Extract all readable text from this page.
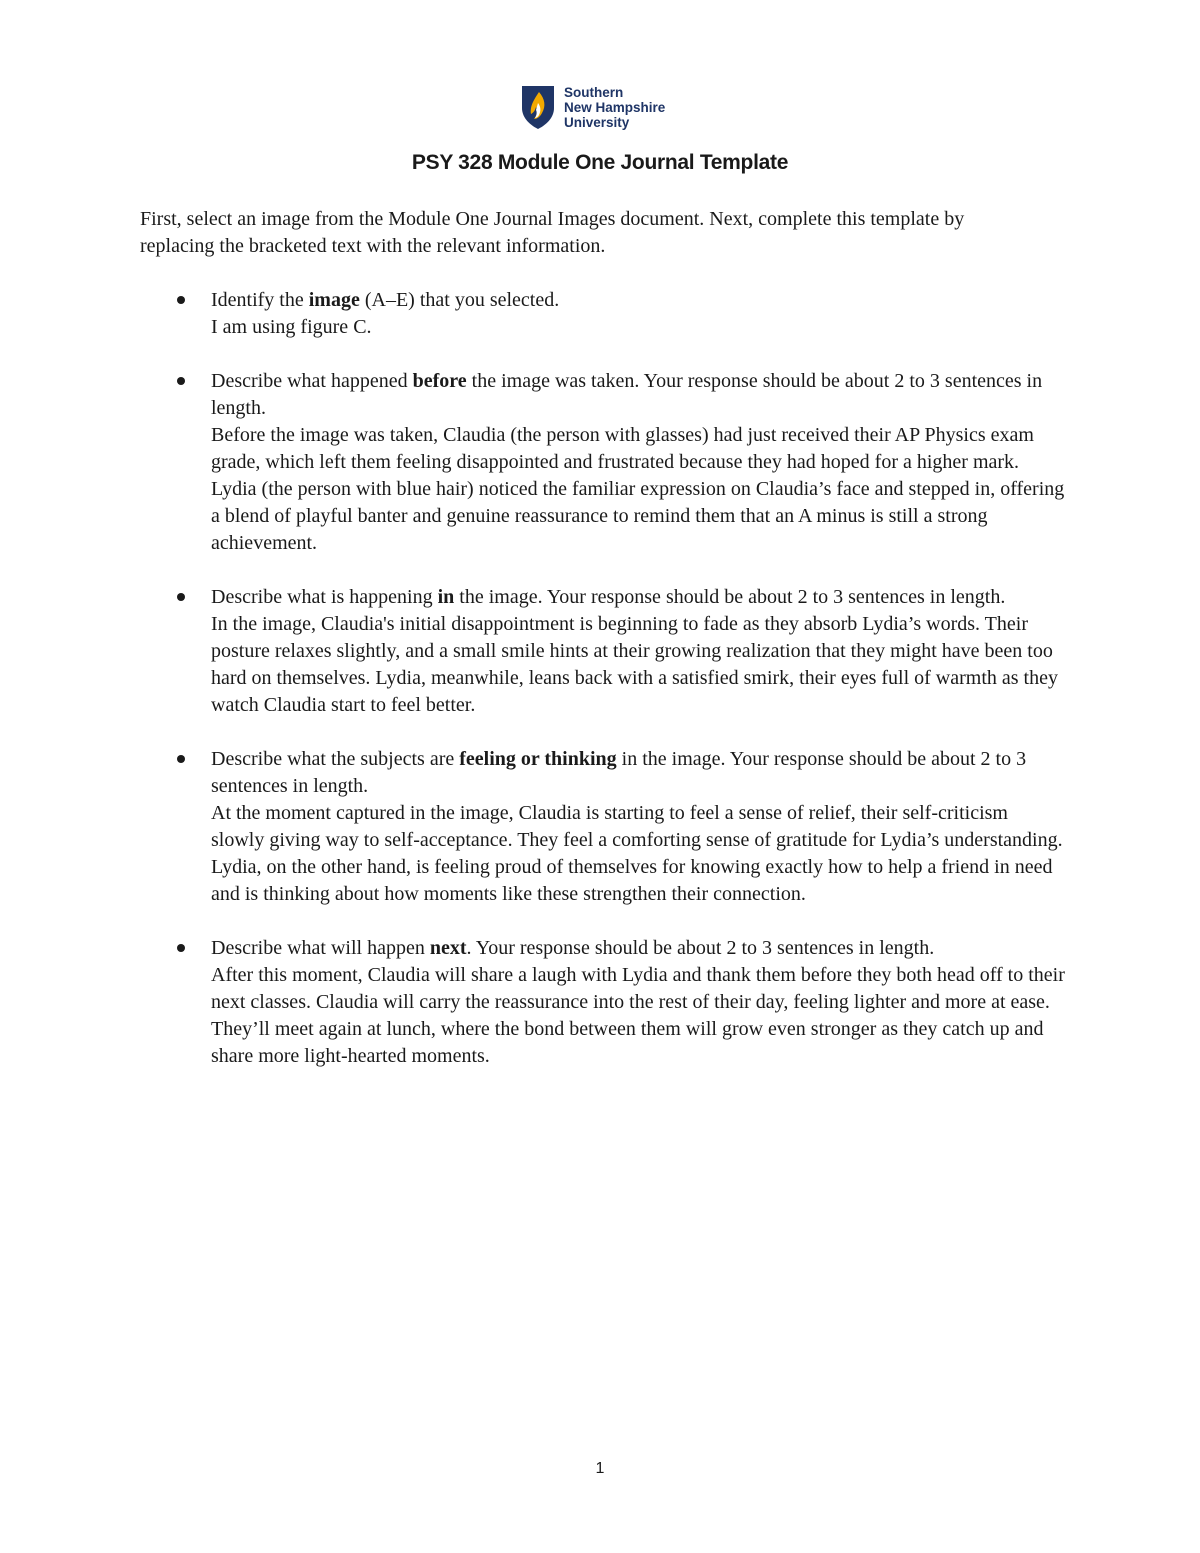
Southern
New Hampshire
University
PSY 328 Module One Journal Template

First, select an image from the Module One Journal Images document. Next, complete this template by replacing the bracketed text with the relevant information.

Identify the image (A–E) that you selected.

I am using figure C.

Describe what happened before the image was taken. Your response should be about 2 to 3 sentences in length.

Before the image was taken, Claudia (the person with glasses) had just received their AP Physics exam grade, which left them feeling disappointed and frustrated because they had hoped for a higher mark. Lydia (the person with blue hair) noticed the familiar expression on Claudia’s face and stepped in, offering a blend of playful banter and genuine reassurance to remind them that an A minus is still a strong achievement.

Describe what is happening in the image. Your response should be about 2 to 3 sentences in length.

In the image, Claudia's initial disappointment is beginning to fade as they absorb Lydia’s words. Their posture relaxes slightly, and a small smile hints at their growing realization that they might have been too hard on themselves. Lydia, meanwhile, leans back with a satisfied smirk, their eyes full of warmth as they watch Claudia start to feel better.

Describe what the subjects are feeling or thinking in the image. Your response should be about 2 to 3 sentences in length.

At the moment captured in the image, Claudia is starting to feel a sense of relief, their self-criticism slowly giving way to self-acceptance. They feel a comforting sense of gratitude for Lydia’s understanding. Lydia, on the other hand, is feeling proud of themselves for knowing exactly how to help a friend in need and is thinking about how moments like these strengthen their connection.

Describe what will happen next. Your response should be about 2 to 3 sentences in length.

After this moment, Claudia will share a laugh with Lydia and thank them before they both head off to their next classes. Claudia will carry the reassurance into the rest of their day, feeling lighter and more at ease. They’ll meet again at lunch, where the bond between them will grow even stronger as they catch up and share more light-hearted moments.

1
